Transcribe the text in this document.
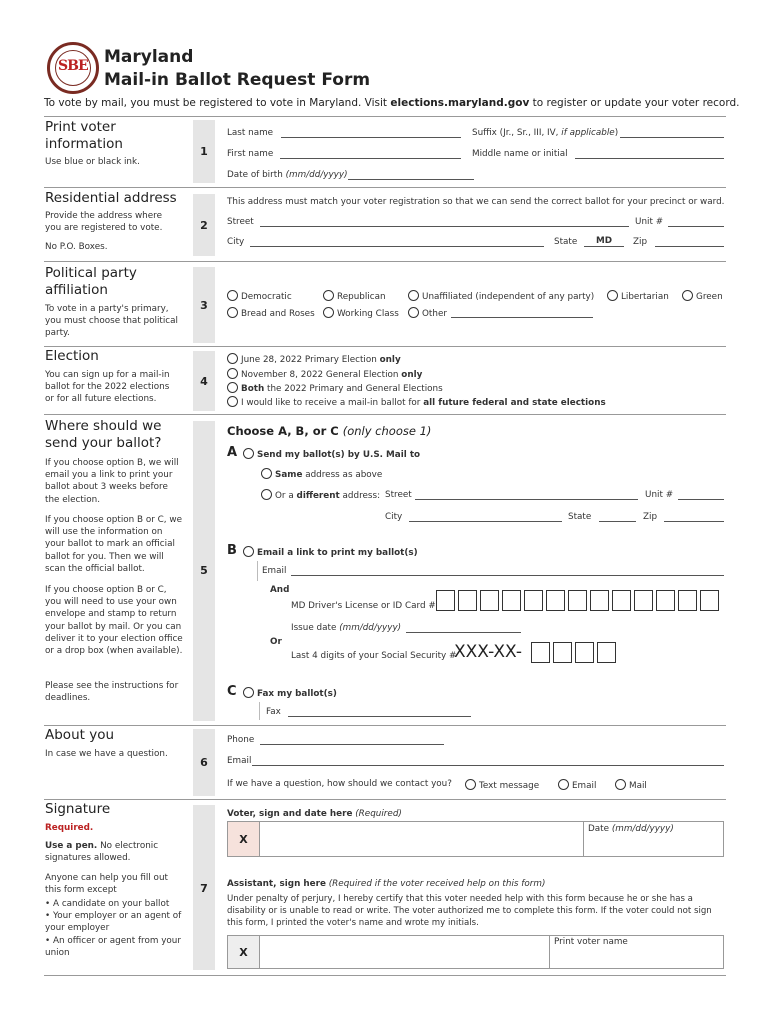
SBE Maryland
Mail-in Ballot Request Form
To vote by mail, you must be registered to vote in Maryland. Visit elections.maryland.gov to register or update your voter record.
Print voter information
Use blue or black ink.
1
Last name	Suffix (Jr., Sr., III, IV, if applicable)
First name	Middle name or initial
Date of birth (mm/dd/yyyy)
Residential address
Provide the address where you are registered to vote.
No P.O. Boxes.
2
This address must match your voter registration so that we can send the correct ballot for your precinct or ward.
Street	Unit #
City	State	MD	Zip
Political party affiliation
To vote in a party's primary, you must choose that political party.
3
Democratic	Republican	Unaffiliated (independent of any party)	Libertarian	Green
Bread and Roses	Working Class	Other
Election
You can sign up for a mail-in ballot for the 2022 elections or for all future elections.
4
June 28, 2022 Primary Election only
November 8, 2022 General Election only
Both the 2022 Primary and General Elections
I would like to receive a mail-in ballot for all future federal and state elections
Where should we send your ballot?
If you choose option B, we will email you a link to print your ballot about 3 weeks before the election.
If you choose option B or C, we will use the information on your ballot to mark an official ballot for you. Then we will scan the official ballot.
If you choose option B or C, you will need to use your own envelope and stamp to return your ballot by mail. Or you can deliver it to your election office or a drop box (when available).
Please see the instructions for deadlines.
5
Choose A, B, or C (only choose 1)
A	Send my ballot(s) by U.S. Mail to
Same address as above
Or a different address: Street	Unit #
City	State	Zip
B	Email a link to print my ballot(s)
Email
And
MD Driver's License or ID Card #
Issue date (mm/dd/yyyy)
Or
Last 4 digits of your Social Security #
XXX-XX-
C	Fax my ballot(s)
Fax
About you
In case we have a question.
6
Phone
Email
If we have a question, how should we contact you?	Text message	Email	Mail
Signature
Required.
Use a pen. No electronic signatures allowed.
Anyone can help you fill out this form except
• A candidate on your ballot
• Your employer or an agent of your employer
• An officer or agent from your union
7
Voter, sign and date here (Required)
X
Date (mm/dd/yyyy)
Assistant, sign here (Required if the voter received help on this form)
Under penalty of perjury, I hereby certify that this voter needed help with this form because he or she has a disability or is unable to read or write. The voter authorized me to complete this form. If the voter could not sign this form, I printed the voter's name and wrote my initials.
X
Print voter name
